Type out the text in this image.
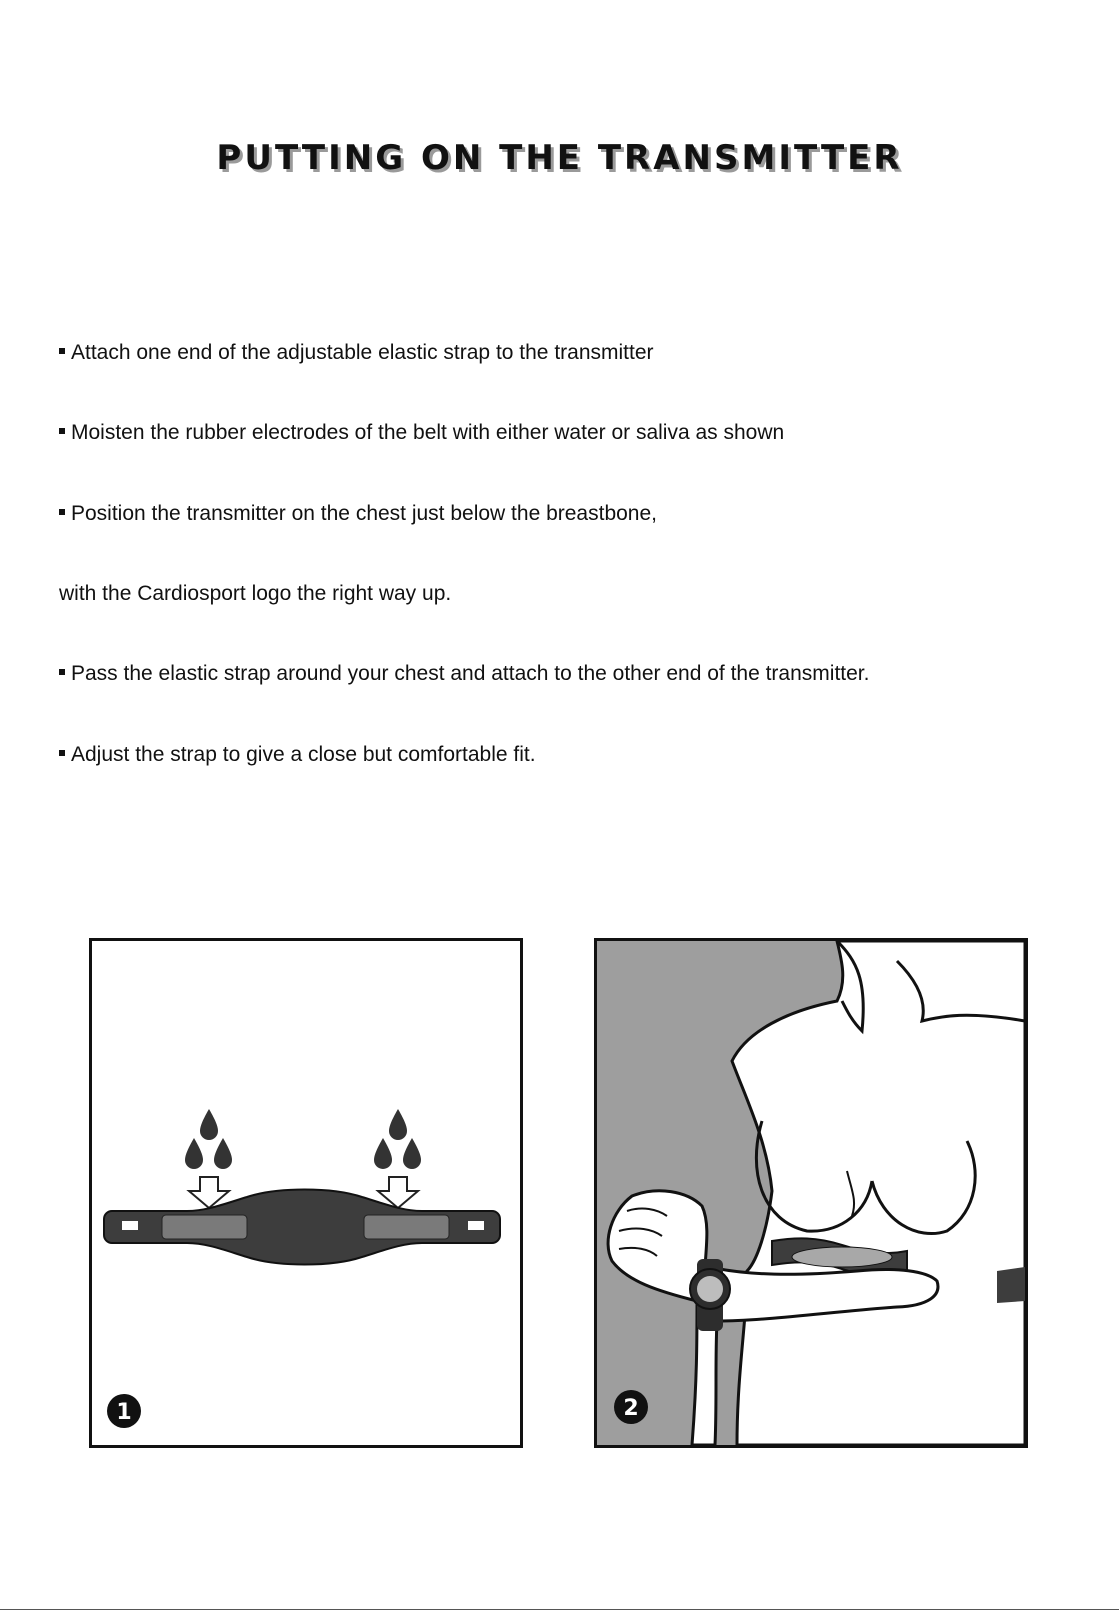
PUTTING ON THE TRANSMITTER

Attach one end of the adjustable elastic strap to the transmitter

Moisten the rubber electrodes of the belt with either water or saliva as shown

Position the transmitter on the chest just below the breastbone,

with the Cardiosport logo the right way up.

Pass the elastic strap around your chest and attach to the other end of the transmitter.

Adjust the strap to give a close but comfortable fit.

1	2
